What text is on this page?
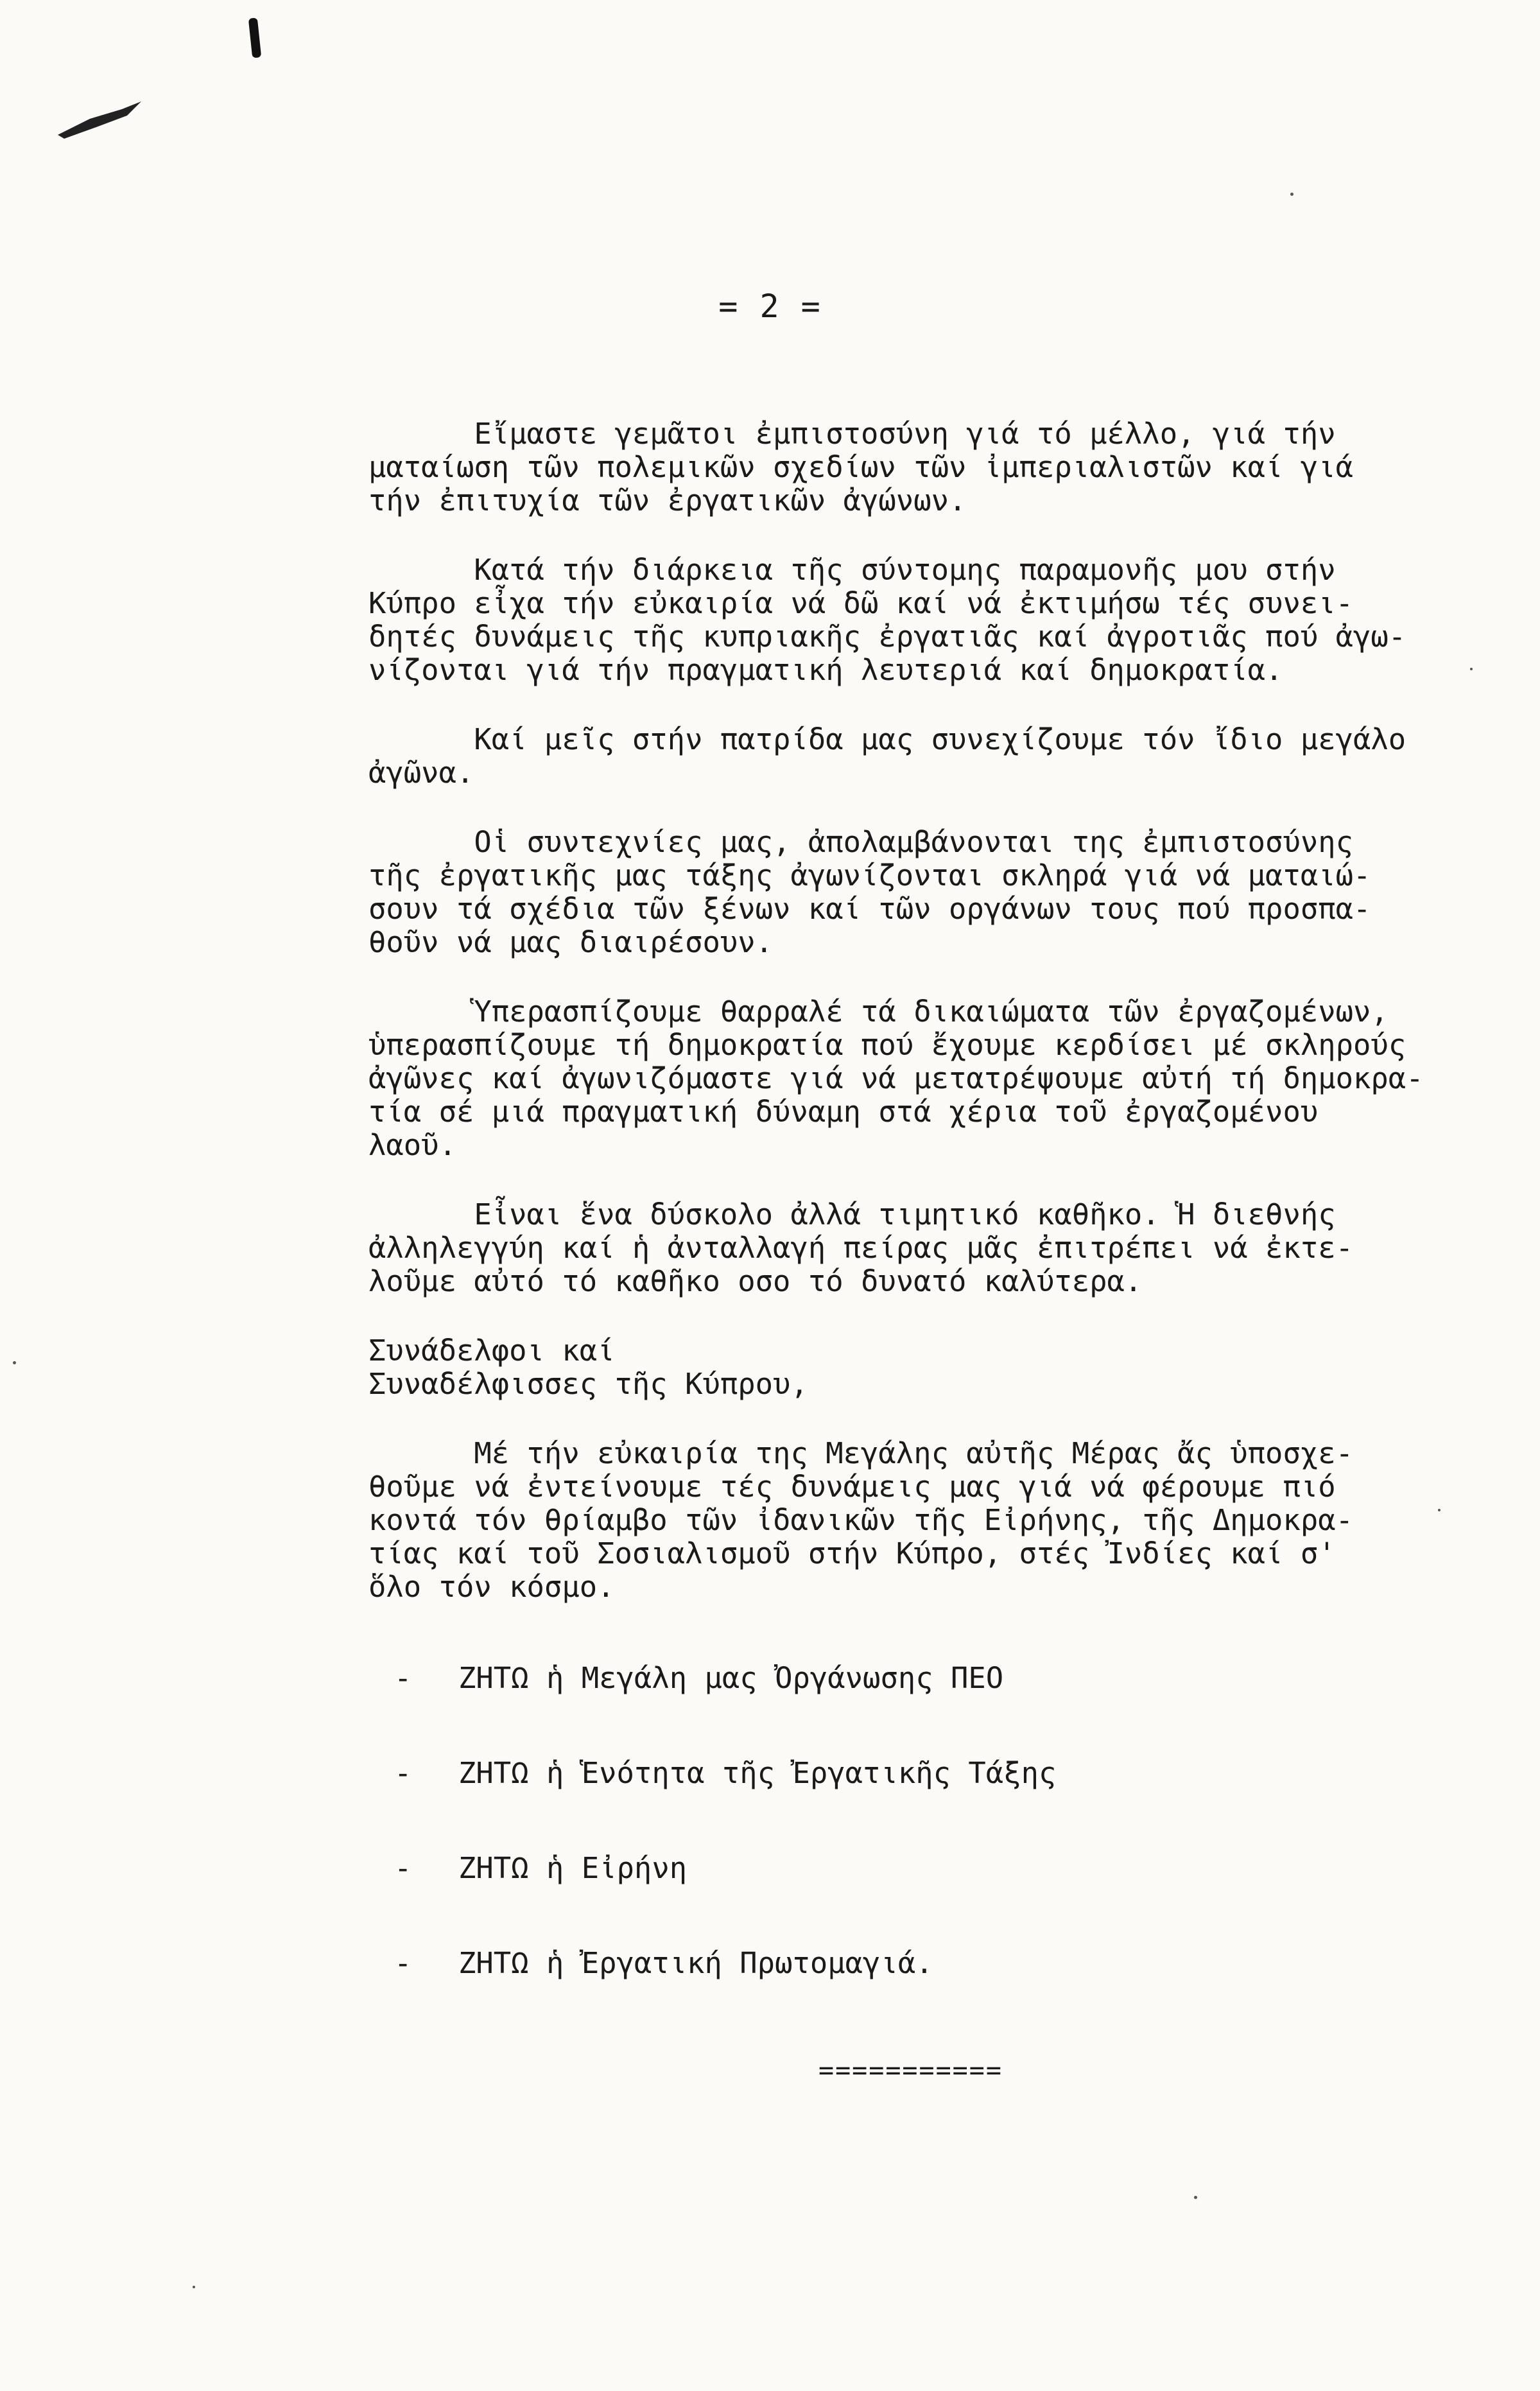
= 2 =

Εἴμαστε γεμᾶτοι ἐμπιστοσύνη γιά τό μέλλο, γιά τήν
ματαίωση τῶν πολεμικῶν σχεδίων τῶν ἰμπεριαλιστῶν καί γιά
τήν ἐπιτυχία τῶν ἐργατικῶν ἀγώνων.

Κατά τήν διάρκεια τῆς σύντομης παραμονῆς μου στήν
Κύπρο εἶχα τήν εὐκαιρία νά δῶ καί νά ἐκτιμήσω τές συνει-
δητές δυνάμεις τῆς κυπριακῆς ἐργατιᾶς καί ἀγροτιᾶς πού ἀγω-
νίζονται γιά τήν πραγματική λευτεριά καί δημοκρατία.

Καί μεῖς στήν πατρίδα μας συνεχίζουμε τόν ἴδιο μεγάλο
ἀγῶνα.

Οἱ συντεχνίες μας, ἀπολαμβάνονται της ἐμπιστοσύνης
τῆς ἐργατικῆς μας τάξης ἀγωνίζονται σκληρά γιά νά ματαιώ-
σουν τά σχέδια τῶν ξένων καί τῶν οργάνων τους πού προσπα-
θοῦν νά μας διαιρέσουν.

Ὑπερασπίζουμε θαρραλέ τά δικαιώματα τῶν ἐργαζομένων,
ὑπερασπίζουμε τή δημοκρατία πού ἔχουμε κερδίσει μέ σκληρούς
ἀγῶνες καί ἀγωνιζόμαστε γιά νά μετατρέψουμε αὐτή τή δημοκρα-
τία σέ μιά πραγματική δύναμη στά χέρια τοῦ ἐργαζομένου
λαοῦ.

Εἶναι ἕνα δύσκολο ἀλλά τιμητικό καθῆκο. Ἡ διεθνής
ἀλληλεγγύη καί ἡ ἀνταλλαγή πείρας μᾶς ἐπιτρέπει νά ἐκτε-
λοῦμε αὐτό τό καθῆκο οσο τό δυνατό καλύτερα.

Συνάδελφοι καί
Συναδέλφισσες τῆς Κύπρου,

Μέ τήν εὐκαιρία της Μεγάλης αὐτῆς Μέρας ἄς ὑποσχε-
θοῦμε νά ἐντείνουμε τές δυνάμεις μας γιά νά φέρουμε πιό
κοντά τόν θρίαμβο τῶν ἰδανικῶν τῆς Εἰρήνης, τῆς Δημοκρα-
τίας καί τοῦ Σοσιαλισμοῦ στήν Κύπρο, στές Ἰνδίες καί σ'
ὅλο τόν κόσμο.

-	ΖΗΤΩ ἡ Μεγάλη μας Ὀργάνωσης ΠΕΟ
-	ΖΗΤΩ ἡ Ἑνότητα τῆς Ἐργατικῆς Τάξης
-	ΖΗΤΩ ἡ Εἰρήνη
-	ΖΗΤΩ ἡ Ἐργατική Πρωτομαγιά.
===========
